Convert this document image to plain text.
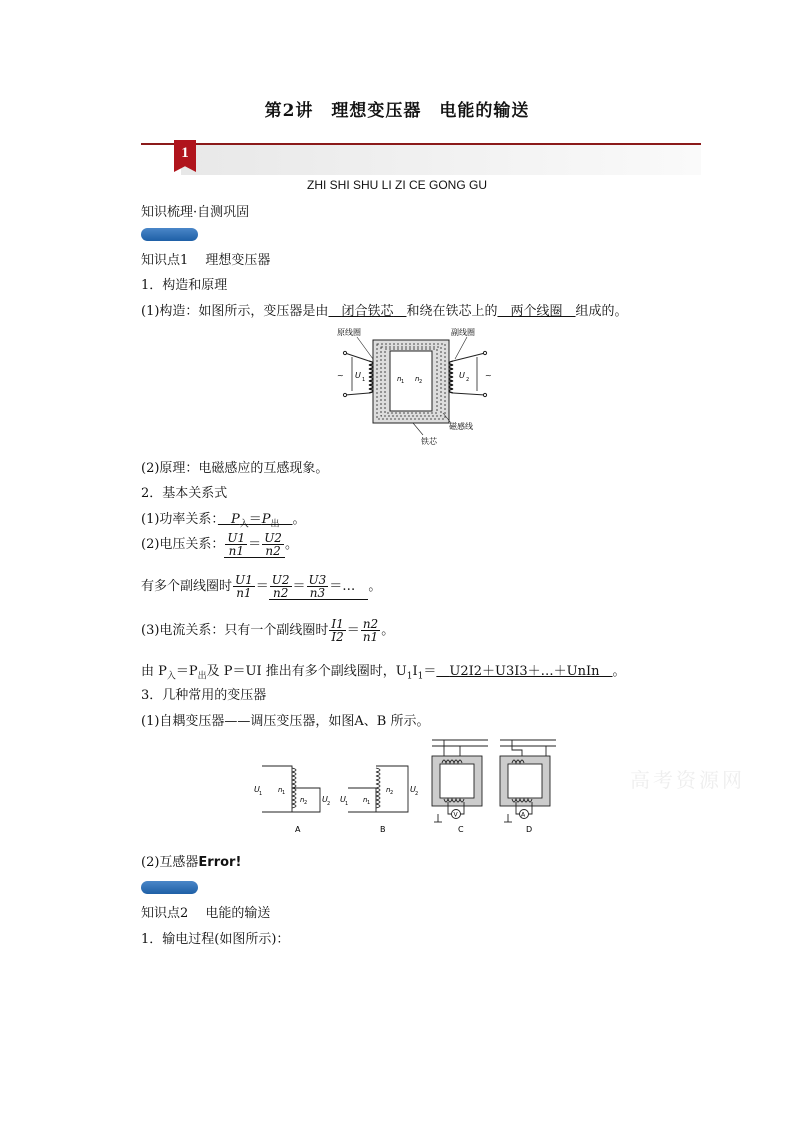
第2讲　理想变压器　电能的输送
1
ZHI SHI SHU LI ZI CE GONG GU
知识梳理·自测巩固
知识点1　 理想变压器
1．构造和原理
(1)构造：如图所示，变压器是由　 闭合铁芯　 和绕在铁芯上的　 两个线圈　 组成的。
原线圈	副线圈
~ U 1	n 1 n 2
U 2 ~
磁感线
铁芯
(2)原理：电磁感应的互感现象。
2．基本关系式
(1)功率关系：　 $P_入=P_出$　 。
(2)电压关系： $\frac{U1}{n1} = \frac{U2}{n2}$ 。
有多个副线圈时 $\frac{U1}{n1} = \frac{U2}{n2} = \frac{U3}{n3}$ ＝…　 。
(3)电流关系：只有一个副线圈时 $\frac{I1}{I2} = \frac{n2}{n1}$ 。
由 $P_入=P_出$及 P＝UI 推出有多个副线圈时，$U_1I_1=$　 U2I2＋U3I3＋…＋UnIn　 。
3．几种常用的变压器
(1)自耦变压器——调压变压器，如图A、B 所示。
U 1 n 1
n 2 U 2
A
U 1 n 1
n 2 U 2
B
V
C
A
D
高考资源网
(2)互感器Error!
知识点2　 电能的输送
1．输电过程(如图所示)：
